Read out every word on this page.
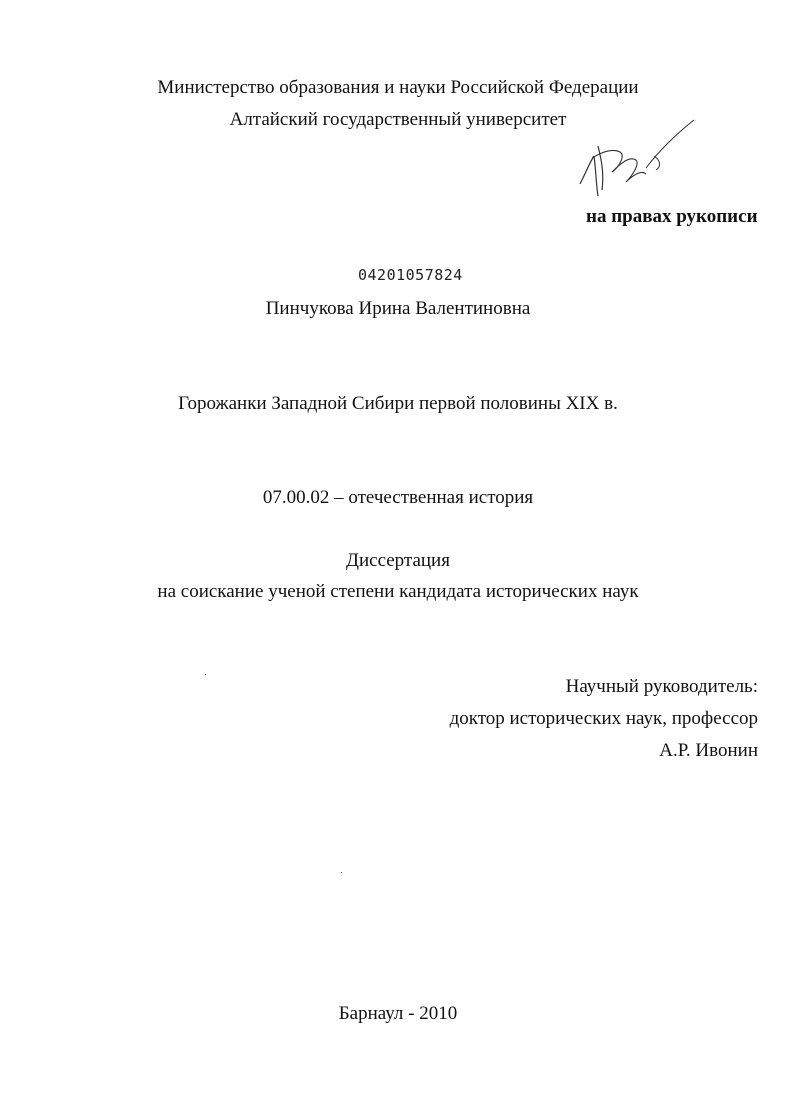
Министерство образования и науки Российской Федерации
Алтайский государственный университет
на правах рукописи
04201057824
Пинчукова Ирина Валентиновна
Горожанки Западной Сибири первой половины XIX в.
07.00.02 – отечественная история
Диссертация
на соискание ученой степени кандидата исторических наук
Научный руководитель:
доктор исторических наук, профессор
А.Р. Ивонин
Барнаул - 2010
